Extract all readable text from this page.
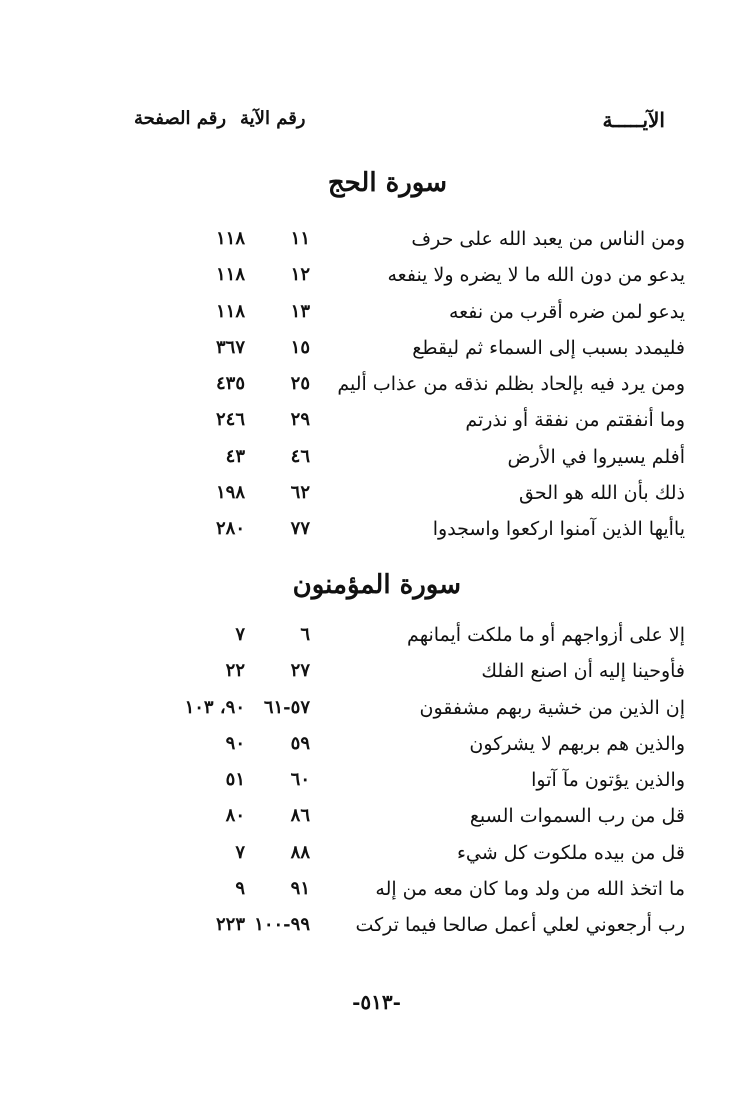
الآيـــــة
رقم الآيةرقم الصفحة
سورة الحج
ومن الناس من يعبد الله على حرف
١١
١١٨
يدعو من دون الله ما لا يضره ولا ينفعه
١٢
١١٨
يدعو لمن ضره أقرب من نفعه
١٣
١١٨
فليمدد بسبب إلى السماء ثم ليقطع
١٥
٣٦٧
ومن يرد فيه بإلحاد بظلم نذقه من عذاب أليم
٢٥
٤٣٥
وما أنفقتم من نفقة أو نذرتم
٢٩
٢٤٦
أفلم يسيروا في الأرض
٤٦
٤٣
ذلك بأن الله هو الحق
٦٢
١٩٨
ياأيها الذين آمنوا اركعوا واسجدوا
٧٧
٢٨٠
سورة المؤمنون
إلا على أزواجهم أو ما ملكت أيمانهم
٦
٧
فأوحينا إليه أن اصنع الفلك
٢٧
٢٢
إن الذين من خشية ربهم مشفقون
٥٧-٦١
٩٠، ١٠٣
والذين هم بربهم لا يشركون
٥٩
٩٠
والذين يؤتون مآ آتوا
٦٠
٥١
قل من رب السموات السبع
٨٦
٨٠
قل من بيده ملكوت كل شيء
٨٨
٧
ما اتخذ الله من ولد وما كان معه من إله
٩١
٩
رب أرجعوني لعلي أعمل صالحا فيما تركت
٩٩-١٠٠
٢٢٣
-٥١٣-
